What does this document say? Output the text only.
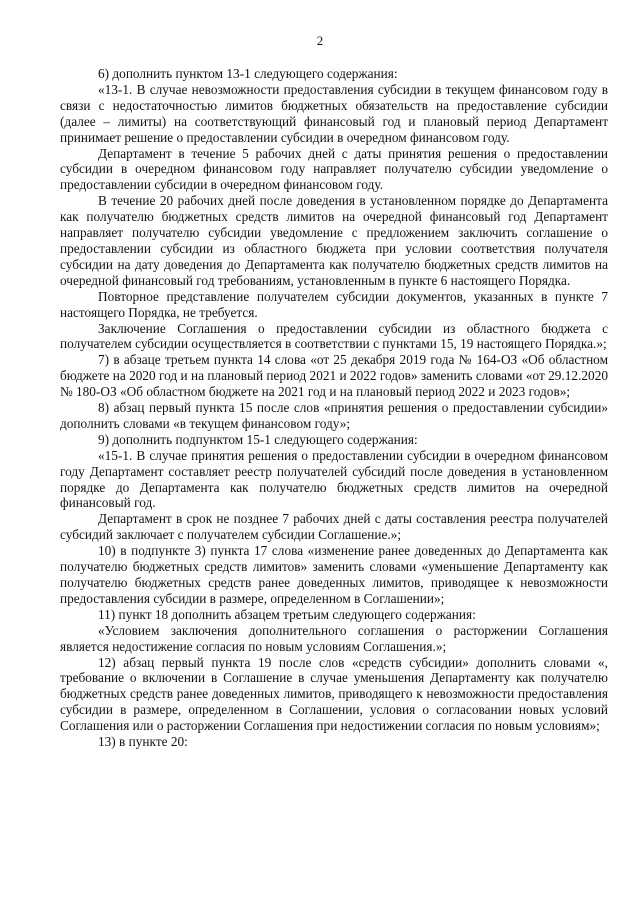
2

6) дополнить пунктом 13-1 следующего содержания:

«13-1. В случае невозможности предоставления субсидии в текущем финансовом году в связи с недостаточностью лимитов бюджетных обязательств на предоставление субсидии (далее – лимиты) на соответствующий финансовый год и плановый период Департамент принимает решение о предоставлении субсидии в очередном финансовом году.

Департамент в течение 5 рабочих дней с даты принятия решения о предоставлении субсидии в очередном финансовом году направляет получателю субсидии уведомление о предоставлении субсидии в очередном финансовом году.

В течение 20 рабочих дней после доведения в установленном порядке до Департамента как получателю бюджетных средств лимитов на очередной финансовый год Департамент направляет получателю субсидии уведомление с предложением заключить соглашение о предоставлении субсидии из областного бюджета при условии соответствия получателя субсидии на дату доведения до Департамента как получателю бюджетных средств лимитов на очередной финансовый год требованиям, установленным в пункте 6 настоящего Порядка.

Повторное представление получателем субсидии документов, указанных в пункте 7 настоящего Порядка, не требуется.

Заключение Соглашения о предоставлении субсидии из областного бюджета с получателем субсидии осуществляется в соответствии с пунктами 15, 19 настоящего Порядка.»;

7) в абзаце третьем пункта 14 слова «от 25 декабря 2019 года № 164-ОЗ «Об областном бюджете на 2020 год и на плановый период 2021 и 2022 годов» заменить словами «от 29.12.2020 № 180-ОЗ «Об областном бюджете на 2021 год и на плановый период 2022 и 2023 годов»;

8) абзац первый пункта 15 после слов «принятия решения о предоставлении субсидии» дополнить словами «в текущем финансовом году»;

9) дополнить подпунктом 15-1 следующего содержания:

«15-1. В случае принятия решения о предоставлении субсидии в очередном финансовом году Департамент составляет реестр получателей субсидий после доведения в установленном порядке до Департамента как получателю бюджетных средств лимитов на очередной финансовый год.

Департамент в срок не позднее 7 рабочих дней с даты составления реестра получателей субсидий заключает с получателем субсидии Соглашение.»;

10) в подпункте 3) пункта 17 слова «изменение ранее доведенных до Департамента как получателю бюджетных средств лимитов» заменить словами «уменьшение Департаменту как получателю бюджетных средств ранее доведенных лимитов, приводящее к невозможности предоставления субсидии в размере, определенном в Соглашении»;

11) пункт 18 дополнить абзацем третьим следующего содержания:

«Условием заключения дополнительного соглашения о расторжении Соглашения является недостижение согласия по новым условиям Соглашения.»;

12) абзац первый пункта 19 после слов «средств субсидии» дополнить словами «, требование о включении в Соглашение в случае уменьшения Департаменту как получателю бюджетных средств ранее доведенных лимитов, приводящего к невозможности предоставления субсидии в размере, определенном в Соглашении, условия о согласовании новых условий Соглашения или о расторжении Соглашения при недостижении согласия по новым условиям»;

13) в пункте 20:
